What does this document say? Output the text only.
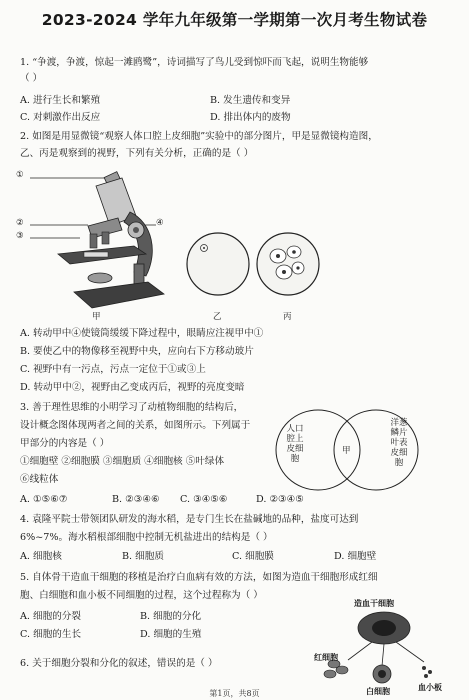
2023-2024 学年九年级第一学期第一次月考生物试卷
1. “争渡，争渡，惊起一滩鸥鹭”，诗词描写了鸟儿受到惊吓而飞起，说明生物能够
（ ）
A. 进行生长和繁殖	B. 发生遗传和变异
C. 对刺激作出反应	D. 排出体内的废物
2. 如图是用显微镜“观察人体口腔上皮细胞”实验中的部分图片，甲是显微镜构造图，
乙、丙是观察到的视野，下列有关分析，正确的是（ ）
①
②
③
④
甲	乙	丙
A. 转动甲中④使镜筒缓缓下降过程中，眼睛应注视甲中①
B. 要使乙中的物像移至视野中央，应向右下方移动玻片
C. 视野中有一污点，污点一定位于①或③上
D. 转动甲中②，视野由乙变成丙后，视野的亮度变暗
3. 善于理性思维的小明学习了动植物细胞的结构后，
设计概念图体现两者之间的关系，如图所示。下列属于
甲部分的内容是（ ）
①细胞壁 ②细胞膜 ③细胞质 ④细胞核 ⑤叶绿体
⑥线粒体
人口腔上皮细胞
甲
洋葱鳞片叶表皮细胞
A. ①⑤⑥⑦	B. ②③④⑥ C. ③④⑤⑥	D. ②③④⑤
4. 袁隆平院士带领团队研发的海水稻，是专门生长在盐碱地的品种，盐度可达到
6%~7%。海水稻根部细胞中控制无机盐进出的结构是（ ）
A. 细胞核	B. 细胞质	C. 细胞膜	D. 细胞壁
5. 自体骨干造血干细胞的移植是治疗白血病有效的方法，如图为造血干细胞形成红细
胞、白细胞和血小板不同细胞的过程，这个过程称为（ ）
A. 细胞的分裂	B. 细胞的分化
C. 细胞的生长	D. 细胞的生殖
造血干细胞
红细胞
白细胞	血小板
6. 关于细胞分裂和分化的叙述，错误的是（ ）
第1页，共8页
